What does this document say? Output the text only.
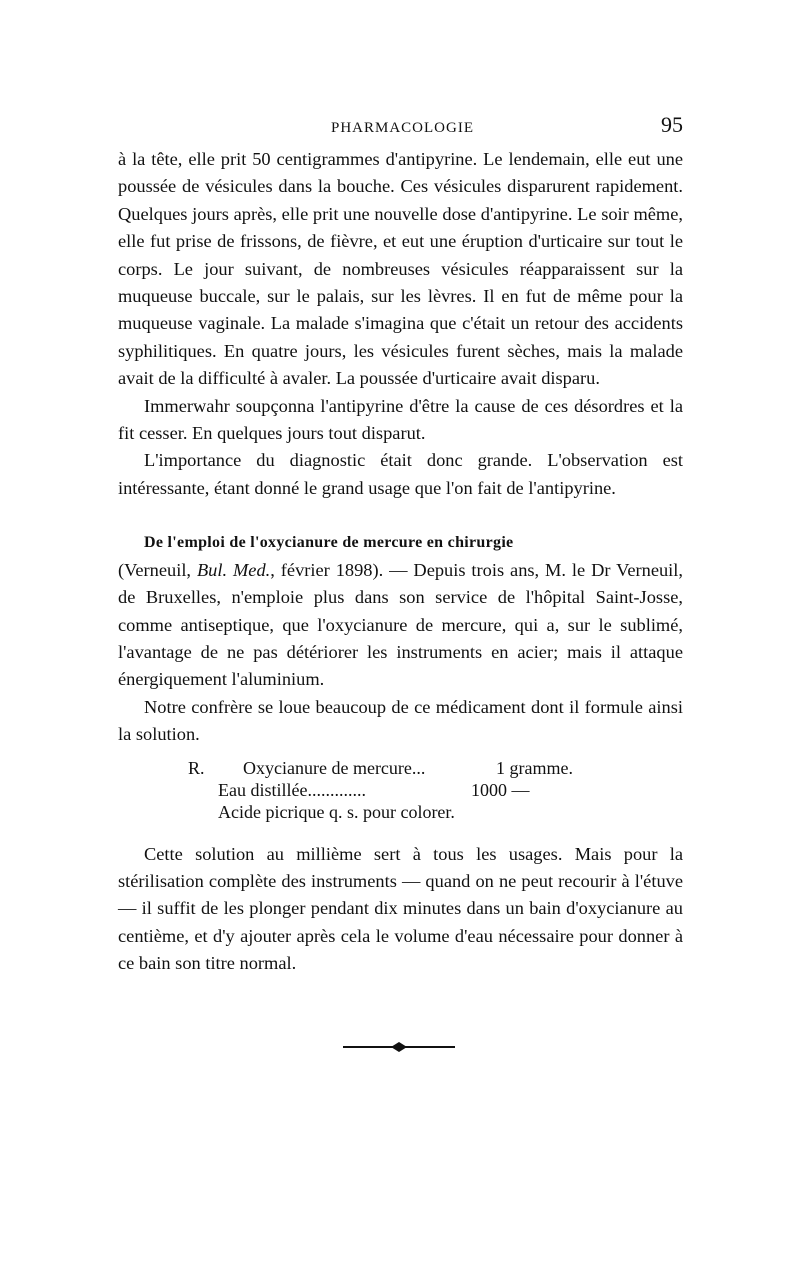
PHARMACOLOGIE	95

à la tête, elle prit 50 centigrammes d'antipyrine. Le lendemain, elle eut une poussée de vésicules dans la bouche. Ces vésicules disparurent rapidement. Quelques jours après, elle prit une nouvelle dose d'antipyrine. Le soir même, elle fut prise de frissons, de fièvre, et eut une éruption d'urticaire sur tout le corps. Le jour suivant, de nombreuses vésicules réapparaissent sur la muqueuse buccale, sur le palais, sur les lèvres. Il en fut de même pour la muqueuse vaginale. La malade s'imagina que c'était un retour des accidents syphilitiques. En quatre jours, les vésicules furent sèches, mais la malade avait de la difficulté à avaler. La poussée d'urticaire avait disparu.

Immerwahr soupçonna l'antipyrine d'être la cause de ces désordres et la fit cesser. En quelques jours tout disparut.

L'importance du diagnostic était donc grande. L'observation est intéressante, étant donné le grand usage que l'on fait de l'antipyrine.

De l'emploi de l'oxycianure de mercure en chirurgie
(Verneuil, Bul. Med., février 1898). — Depuis trois ans, M. le Dr Verneuil, de Bruxelles, n'emploie plus dans son service de l'hôpital Saint-Josse, comme antiseptique, que l'oxycianure de mercure, qui a, sur le sublimé, l'avantage de ne pas détériorer les instruments en acier; mais il attaque énergiquement l'aluminium.

Notre confrère se loue beaucoup de ce médicament dont il formule ainsi la solution.

R.	Oxycianure de mercure...	1 gramme.
Eau distillée.............	1000 —
Acide picrique q. s. pour colorer.

Cette solution au millième sert à tous les usages. Mais pour la stérilisation complète des instruments — quand on ne peut recourir à l'étuve — il suffit de les plonger pendant dix minutes dans un bain d'oxycianure au centième, et d'y ajouter après cela le volume d'eau nécessaire pour donner à ce bain son titre normal.
